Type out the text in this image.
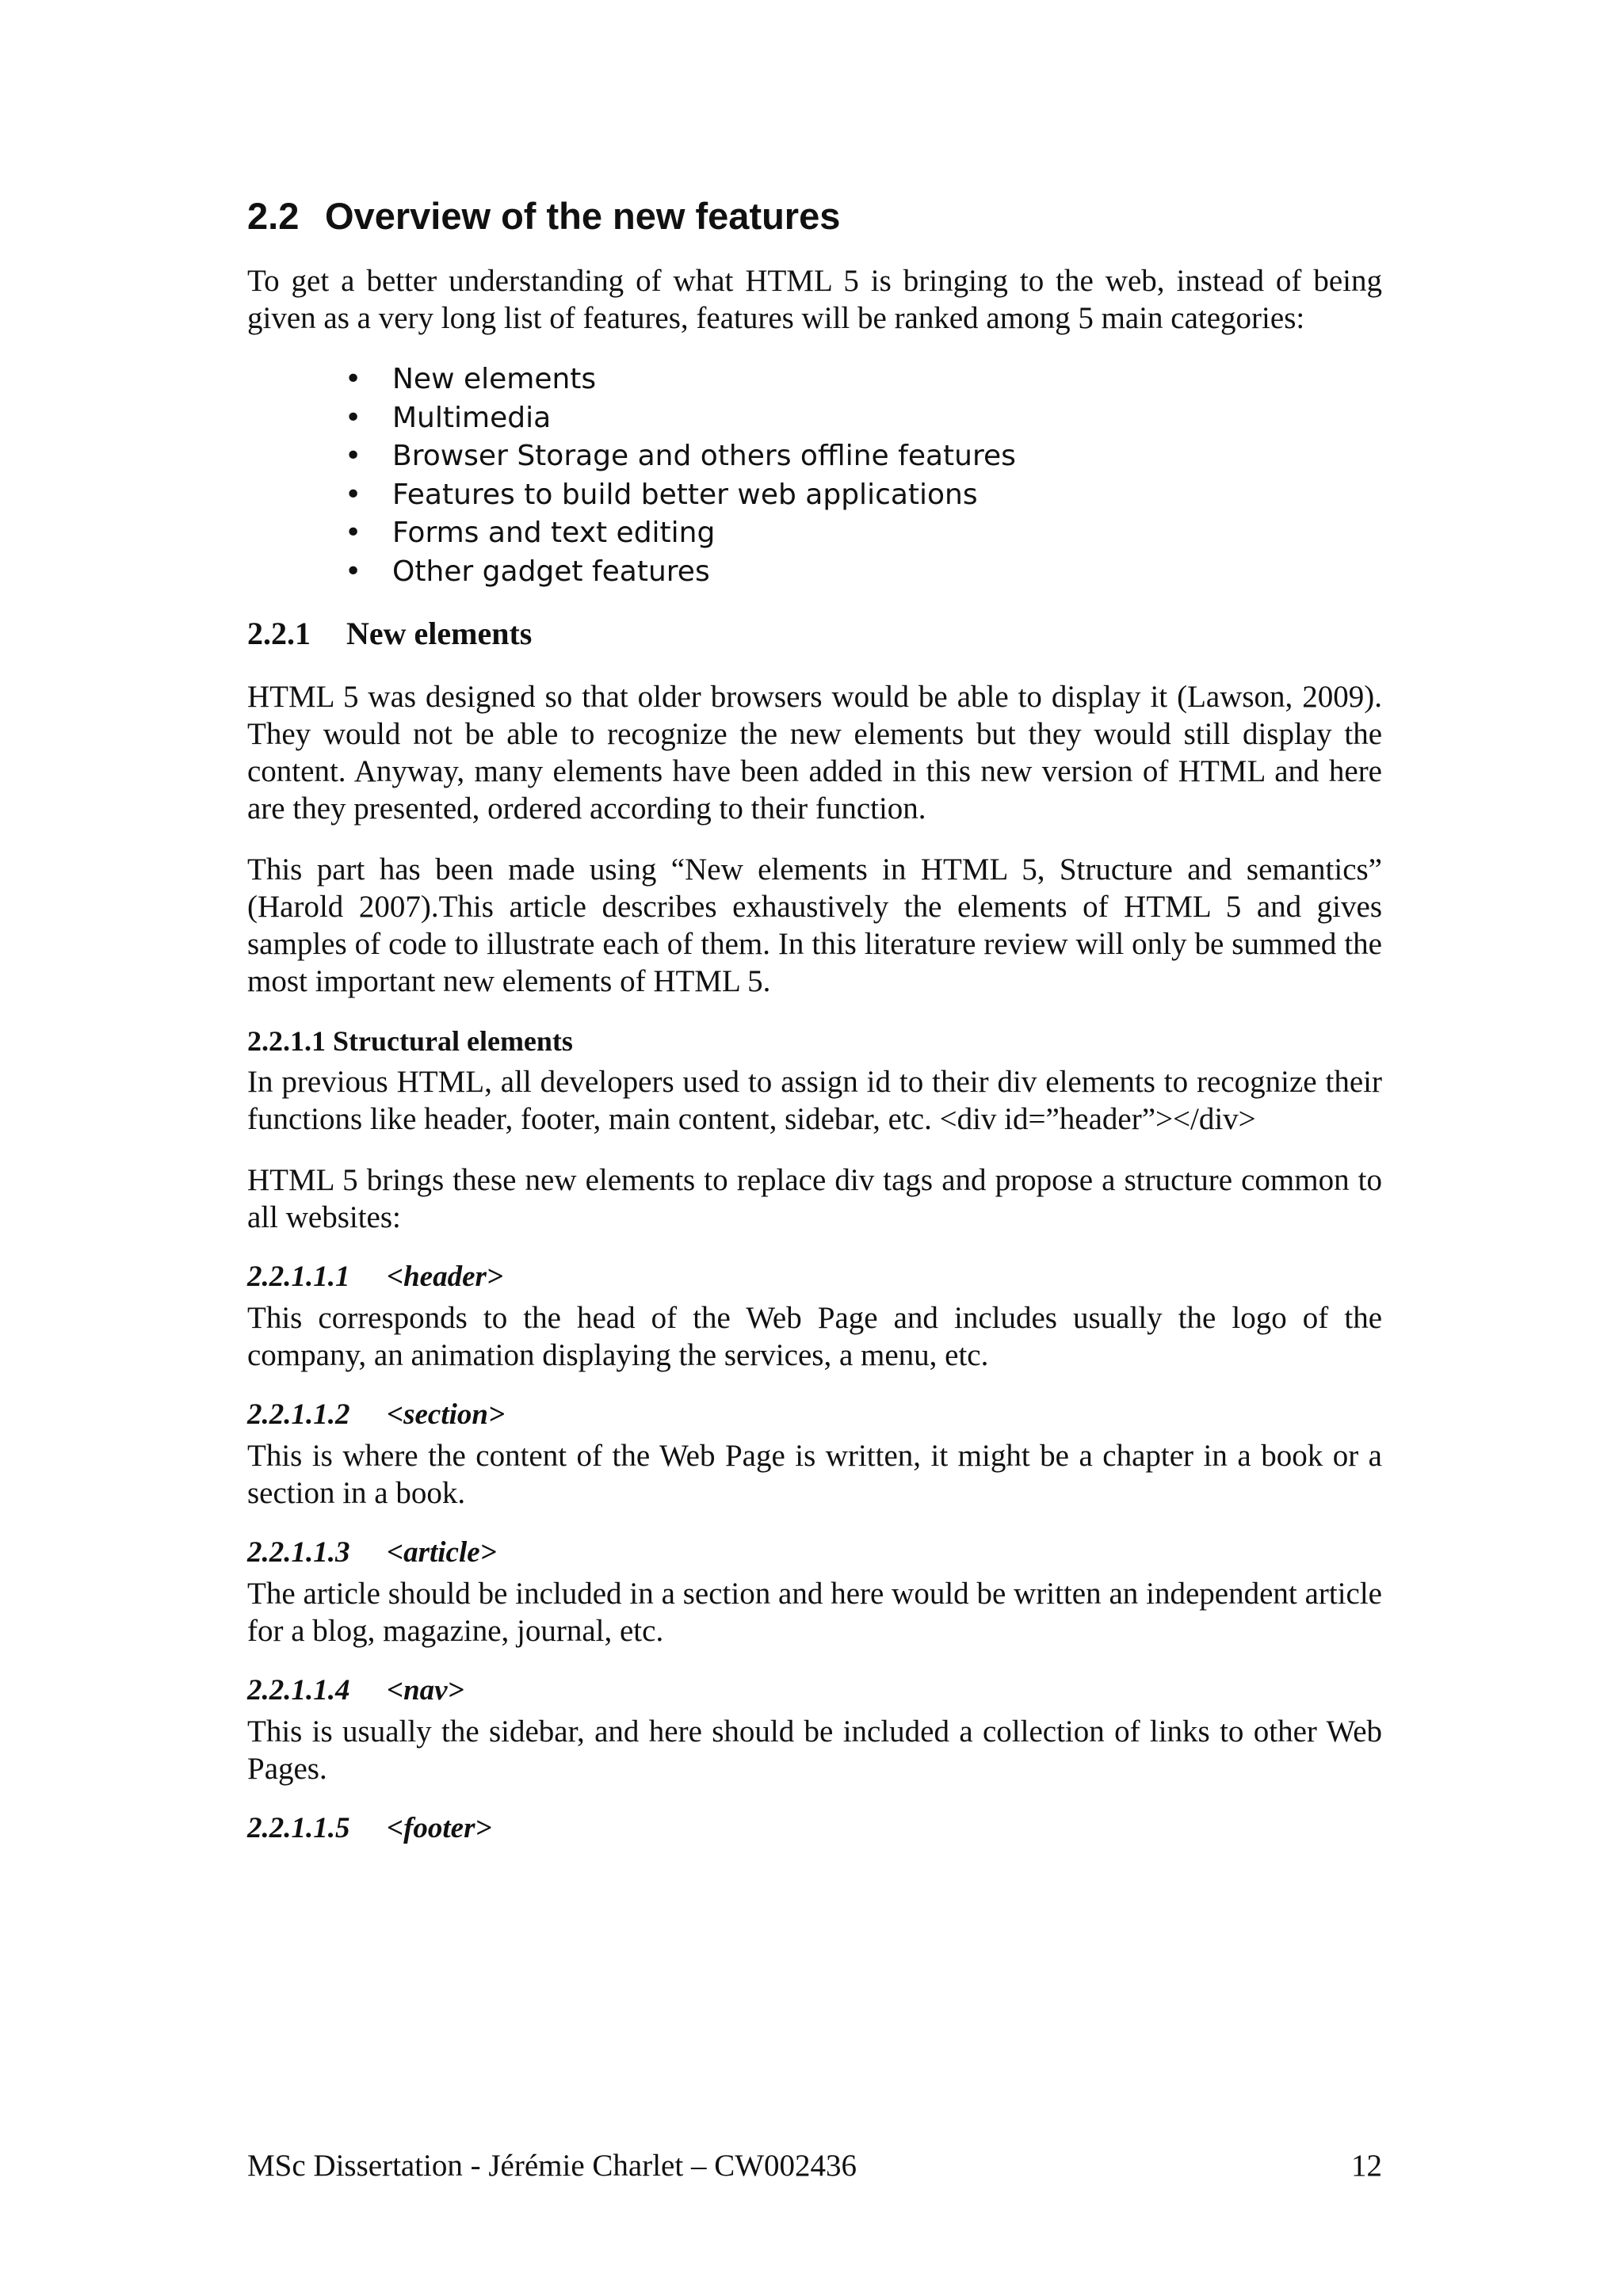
2.2 Overview of the new features

To get a better understanding of what HTML 5 is bringing to the web, instead of being given as a very long list of features, features will be ranked among 5 main categories:

• New elements
• Multimedia
• Browser Storage and others offline features
• Features to build better web applications
• Forms and text editing
• Other gadget features
2.2.1 New elements

HTML 5 was designed so that older browsers would be able to display it (Lawson, 2009). They would not be able to recognize the new elements but they would still display the content. Anyway, many elements have been added in this new version of HTML and here are they presented, ordered according to their function.

This part has been made using “New elements in HTML 5, Structure and semantics” (Harold 2007).This article describes exhaustively the elements of HTML 5 and gives samples of code to illustrate each of them. In this literature review will only be summed the most important new elements of HTML 5.

2.2.1.1 Structural elements

In previous HTML, all developers used to assign id to their div elements to recognize their functions like header, footer, main content, sidebar, etc. <div id=”header”></div>

HTML 5 brings these new elements to replace div tags and propose a structure common to all websites:

2.2.1.1.1 <header>

This corresponds to the head of the Web Page and includes usually the logo of the company, an animation displaying the services, a menu, etc.

2.2.1.1.2 <section>

This is where the content of the Web Page is written, it might be a chapter in a book or a section in a book.

2.2.1.1.3 <article>

The article should be included in a section and here would be written an independent article for a blog, magazine, journal, etc.

2.2.1.1.4 <nav>

This is usually the sidebar, and here should be included a collection of links to other Web Pages.

2.2.1.1.5 <footer>
MSc Dissertation - Jérémie Charlet – CW002436	12
